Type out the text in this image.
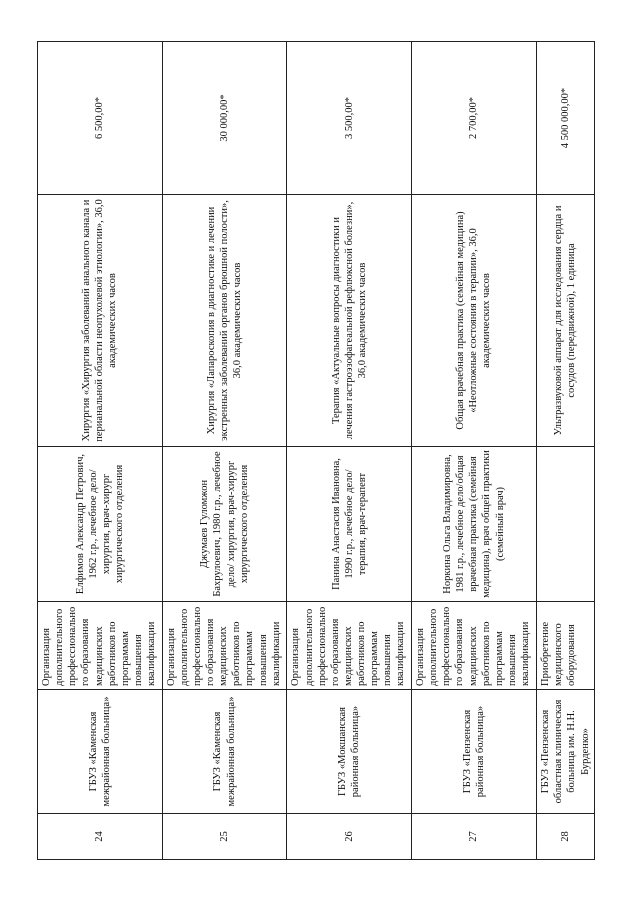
24	ГБУЗ «Каменская межрайонная больница»	Организация дополнительного профессионального образования медицинских работников по программам повышения квалификации	Елфимов Александр Петрович, 1962 г.р., лечебное дело/ хирургия, врач-хирург хирургического отделения	Хирургия «Хирургия заболеваний анального канала и перианальной области неопухолевой этиологии», 36,0 академических часов	6 500,00*
25	ГБУЗ «Каменская межрайонная больница»	Организация дополнительного профессионального образования медицинских работников по программам повышения квалификации	Джумаев Гуломжон Бахрулоевич, 1980 г.р., лечебное дело/ хирургия, врач-хирург хирургического отделения	Хирургия «Лапароскопия в диагностике и лечении экстренных заболеваний органов брюшной полости», 36,0 академических часов	30 000,00*
26	ГБУЗ «Мокшанская районная больница»	Организация дополнительного профессионального образования медицинских работников по программам повышения квалификации	Панина Анастасия Ивановна, 1990 г.р., лечебное дело/ терапия, врач-терапевт	Терапия «Актуальные вопросы диагностики и лечения гастроэзофагеальной рефлюксной болезни», 36,0 академических часов	3 500,00*
27	ГБУЗ «Пензенская районная больница»	Организация дополнительного профессионального образования медицинских работников по программам повышения квалификации	Норкина Ольга Владимировна, 1981 г.р., лечебное дело/общая врачебная практика (семейная медицина), врач общей практики (семейный врач)	Общая врачебная практика (семейная медицина) «Неотложные состояния в терапии», 36,0 академических часов	2 700,00*
28	ГБУЗ «Пензенская областная клиническая больница им. Н.Н. Бурденко»	Приобретение медицинского оборудования		Ультразвуковой аппарат для исследования сердца и сосудов (передвижной), 1 единица	4 500 000,00*
